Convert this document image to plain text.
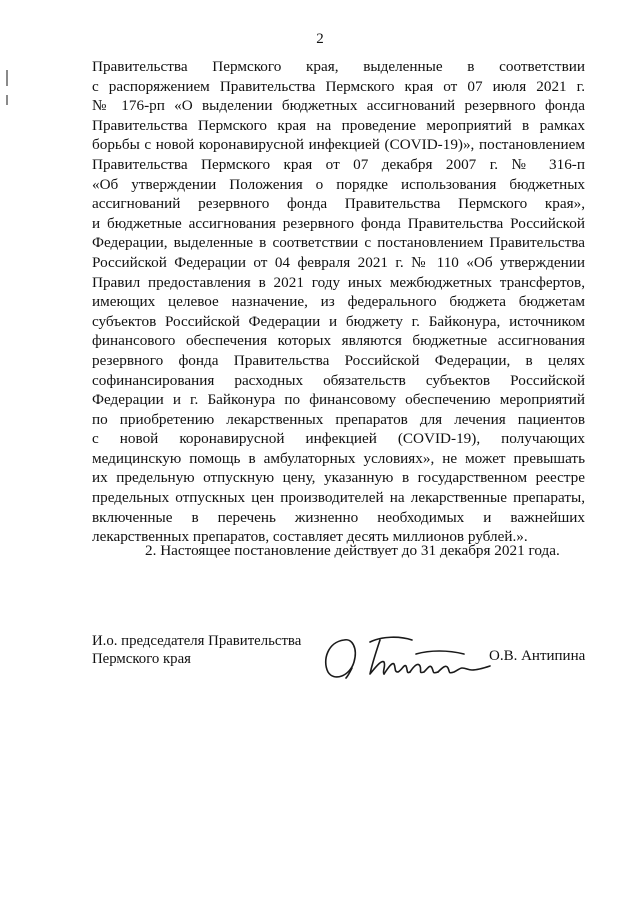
2
Правительства Пермского края, выделенные в соответствии
с распоряжением Правительства Пермского края от 07 июля 2021 г.
№ 176-рп «О выделении бюджетных ассигнований резервного фонда
Правительства Пермского края на проведение мероприятий в рамках
борьбы с новой коронавирусной инфекцией (COVID-19)», постановлением
Правительства Пермского края от 07 декабря 2007 г. № 316-п
«Об утверждении Положения о порядке использования бюджетных
ассигнований резервного фонда Правительства Пермского края»,
и бюджетные ассигнования резервного фонда Правительства Российской
Федерации, выделенные в соответствии с постановлением Правительства
Российской Федерации от 04 февраля 2021 г. № 110 «Об утверждении
Правил предоставления в 2021 году иных межбюджетных трансфертов,
имеющих целевое назначение, из федерального бюджета бюджетам
субъектов Российской Федерации и бюджету г. Байконура, источником
финансового обеспечения которых являются бюджетные ассигнования
резервного фонда Правительства Российской Федерации, в целях
софинансирования расходных обязательств субъектов Российской
Федерации и г. Байконура по финансовому обеспечению мероприятий
по приобретению лекарственных препаратов для лечения пациентов
с новой коронавирусной инфекцией (COVID-19), получающих
медицинскую помощь в амбулаторных условиях», не может превышать
их предельную отпускную цену, указанную в государственном реестре
предельных отпускных цен производителей на лекарственные препараты,
включенные в перечень жизненно необходимых и важнейших
лекарственных препаратов, составляет десять миллионов рублей.».
2. Настоящее постановление действует до 31 декабря 2021 года.
И.о. председателя Правительства
Пермского края	О.В. Антипина
